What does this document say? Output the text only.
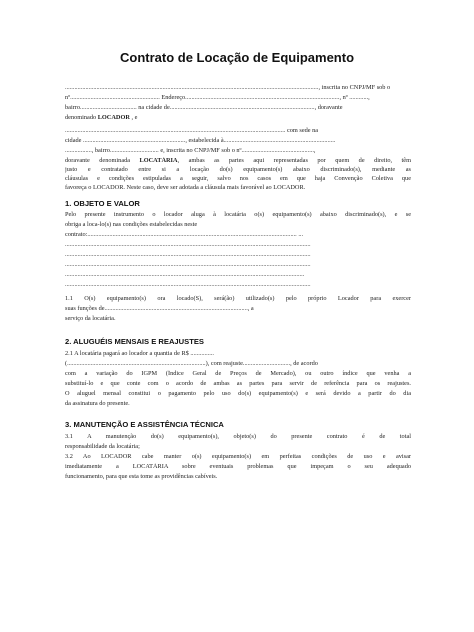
Contrato de Locação de Equipamento
................................................................................................................................................................., inscrita no CNPJ/MF sob o
nº......................................................... Endereço.................................................................................................., nº ............,
bairro.................................... na cidade de............................................................................................, doravante
denominado LOCADOR , e
............................................................................................................................................ com sede na
cidade ................................................................., estabelecida à.......................................................................
................., bairro............................... e, inscrita no CNPJ/MF sob o nº..............................................,
doravante denominada LOCATÁRIA, ambas as partes aqui representadas por quem de direito, têm
justo e contratado entre si a locação do(s) equipamento(s) abaixo discriminado(s), mediante as
cláusulas e condições estipuladas a seguir, salvo nos casos em que haja Convenção Coletiva que
favoreça o LOCADOR. Neste caso, deve ser adotada a cláusula mais favorável ao LOCADOR.
1. OBJETO E VALOR
Pelo presente instrumento o locador aluga à locatária o(s) equipamento(s) abaixo discriminado(s), e se
obriga a loca-lo(s) nas condições estabelecidas neste
contrato:..................................................................................................................................... ...
............................................................................................................................................................
............................................................................................................................................................
............................................................................................................................................................
........................................................................................................................................................
............................................................................................................................................................
1.1 O(s) equipamento(s) ora locado(S), será(ão) utilizado(s) pelo próprio Locador para exercer
suas funções de..........................................................................................., a
serviço da locatária.
2. ALUGUÉIS MENSAIS E REAJUSTES
2.1 A locatária pagará ao locador a quantia de R$ ...............
(........................................................................................), com reajuste.............................., de acordo
com a variação do IGPM (Índice Geral de Preços de Mercado), ou outro índice que venha a
substituí-lo e que conte com o acordo de ambas as partes para servir de referência para os reajustes.
O aluguel mensal constitui o pagamento pelo uso do(s) equipamento(s) e será devido a partir do dia
da assinatura do presente.
3. MANUTENÇÃO E ASSISTÊNCIA TÉCNICA
3.1 A manutenção do(s) equipamento(s), objeto(s) do presente contrato é de total
responsabilidade da locatária;
3.2 Ao LOCADOR cabe manter o(s) equipamento(s) em perfeitas condições de uso e avisar
imediatamente a LOCATÁRIA sobre eventuais problemas que impeçam o seu adequado
funcionamento, para que esta tome as providências cabíveis.
